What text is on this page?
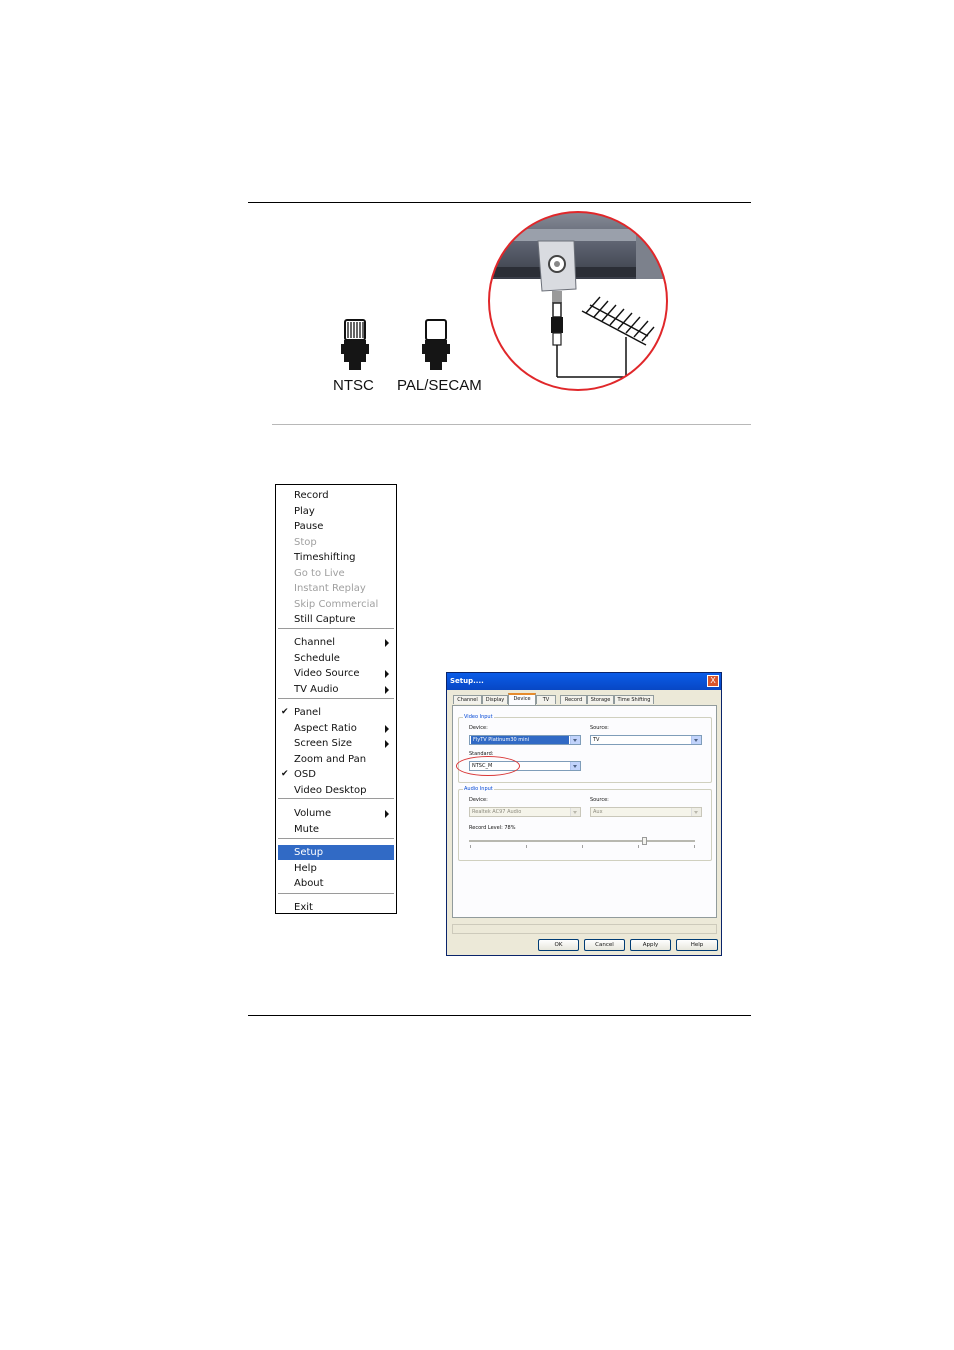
NTSC PAL/SECAM
Record
Play
Pause
Stop
Timeshifting
Go to Live
Instant Replay
Skip Commercial
Still Capture
Channel
Schedule
Video Source
TV Audio
✔ Panel
Aspect Ratio
Screen Size
Zoom and Pan
✔ OSD
Video Desktop
Volume
Mute
Setup
Help
About
Exit
Setup....	X
Channel	Display	Device	TV	Record	Storage	Time Shifting
Video Input
Device:
FlyTV Platinum30 mini
Source:
TV
Standard:
NTSC_M
Audio Input
Device:
Realtek AC97 Audio
Source:
Aux
Record Level: 78%
OK	Cancel	Apply	Help
